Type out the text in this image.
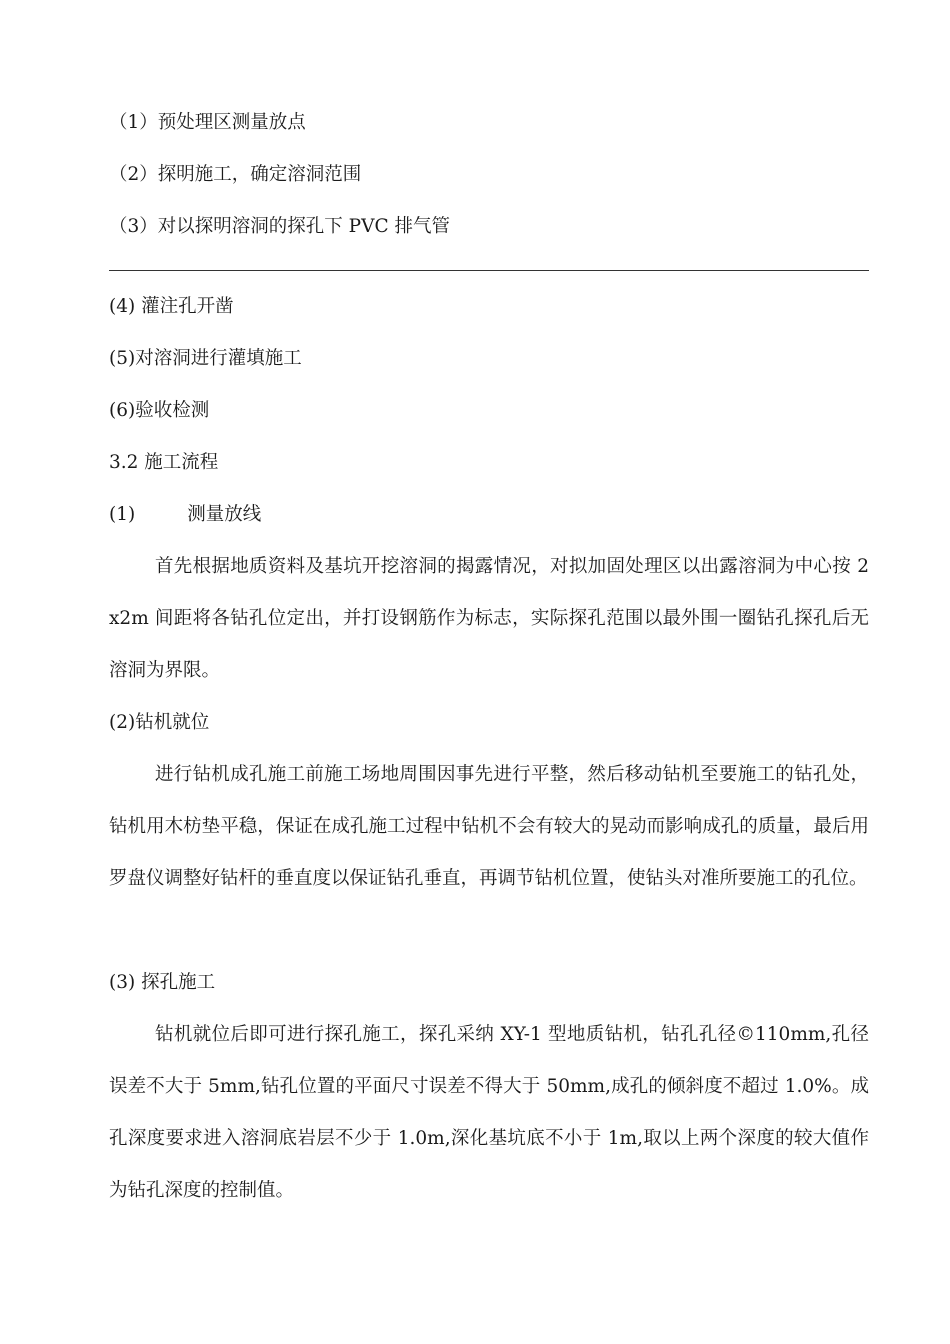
（1）预处理区测量放点
（2）探明施工，确定溶洞范围
（3）对以探明溶洞的探孔下 PVC 排气管
(4) 灌注孔开凿
(5)对溶洞进行灌填施工
(6)验收检测
3.2 施工流程
(1)	测量放线

首先根据地质资料及基坑开挖溶洞的揭露情况，对拟加固处理区以出露溶洞为中心按 2 x2m 间距将各钻孔位定出，并打设钢筋作为标志，实际探孔范围以最外围一圈钻孔探孔后无溶洞为界限。

(2)钻机就位

进行钻机成孔施工前施工场地周围因事先进行平整，然后移动钻机至要施工的钻孔处，钻机用木枋垫平稳，保证在成孔施工过程中钻机不会有较大的晃动而影响成孔的质量，最后用罗盘仪调整好钻杆的垂直度以保证钻孔垂直，再调节钻机位置，使钻头对准所要施工的孔位。

(3) 探孔施工

钻机就位后即可进行探孔施工，探孔采纳 XY-1 型地质钻机，钻孔孔径©110mm,孔径误差不大于 5mm,钻孔位置的平面尺寸误差不得大于 50mm,成孔的倾斜度不超过 1.0%。成孔深度要求进入溶洞底岩层不少于 1.0m,深化基坑底不小于 1m,取以上两个深度的较大值作为钻孔深度的控制值。
